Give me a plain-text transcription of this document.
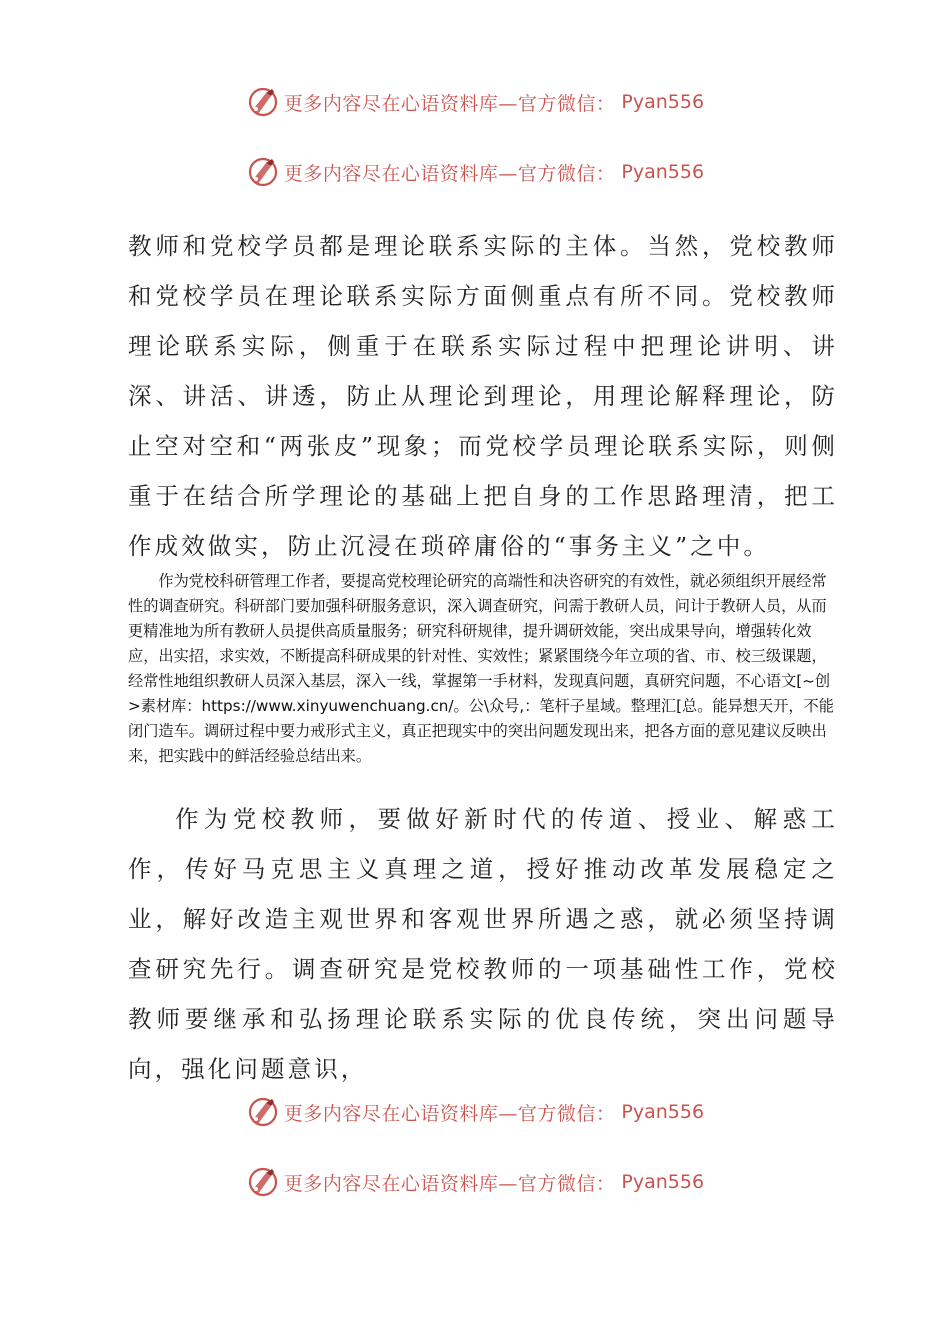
更多内容尽在心语资料库—官方微信： Pyan556
更多内容尽在心语资料库—官方微信： Pyan556

教师和党校学员都是理论联系实际的主体。当然，党校教师和党校学员在理论联系实际方面侧重点有所不同。党校教师理论联系实际，侧重于在联系实际过程中把理论讲明、讲深、讲活、讲透，防止从理论到理论，用理论解释理论，防止空对空和“两张皮”现象；而党校学员理论联系实际，则侧重于在结合所学理论的基础上把自身的工作思路理清，把工作成效做实，防止沉浸在琐碎庸俗的“事务主义”之中。

作为党校科研管理工作者，要提高党校理论研究的高端性和决咨研究的有效性，就必须组织开展经常性的调查研究。科研部门要加强科研服务意识，深入调查研究，问需于教研人员，问计于教研人员，从而更精准地为所有教研人员提供高质量服务；研究科研规律，提升调研效能，突出成果导向，增强转化效应，出实招，求实效，不断提高科研成果的针对性、实效性；紧紧围绕今年立项的省、市、校三级课题，经常性地组织教研人员深入基层，深入一线，掌握第一手材料，发现真问题，真研究问题，不心语文[~创>素材库：https://www.xinyuwenchuang.cn/。公\众号,：笔杆子星域。整理汇[总。能异想天开，不能闭门造车。调研过程中要力戒形式主义，真正把现实中的突出问题发现出来，把各方面的意见建议反映出来，把实践中的鲜活经验总结出来。

作为党校教师，要做好新时代的传道、授业、解惑工作，传好马克思主义真理之道，授好推动改革发展稳定之业，解好改造主观世界和客观世界所遇之惑，就必须坚持调查研究先行。调查研究是党校教师的一项基础性工作，党校教师要继承和弘扬理论联系实际的优良传统，突出问题导向，强化问题意识，

更多内容尽在心语资料库—官方微信： Pyan556
更多内容尽在心语资料库—官方微信： Pyan556
